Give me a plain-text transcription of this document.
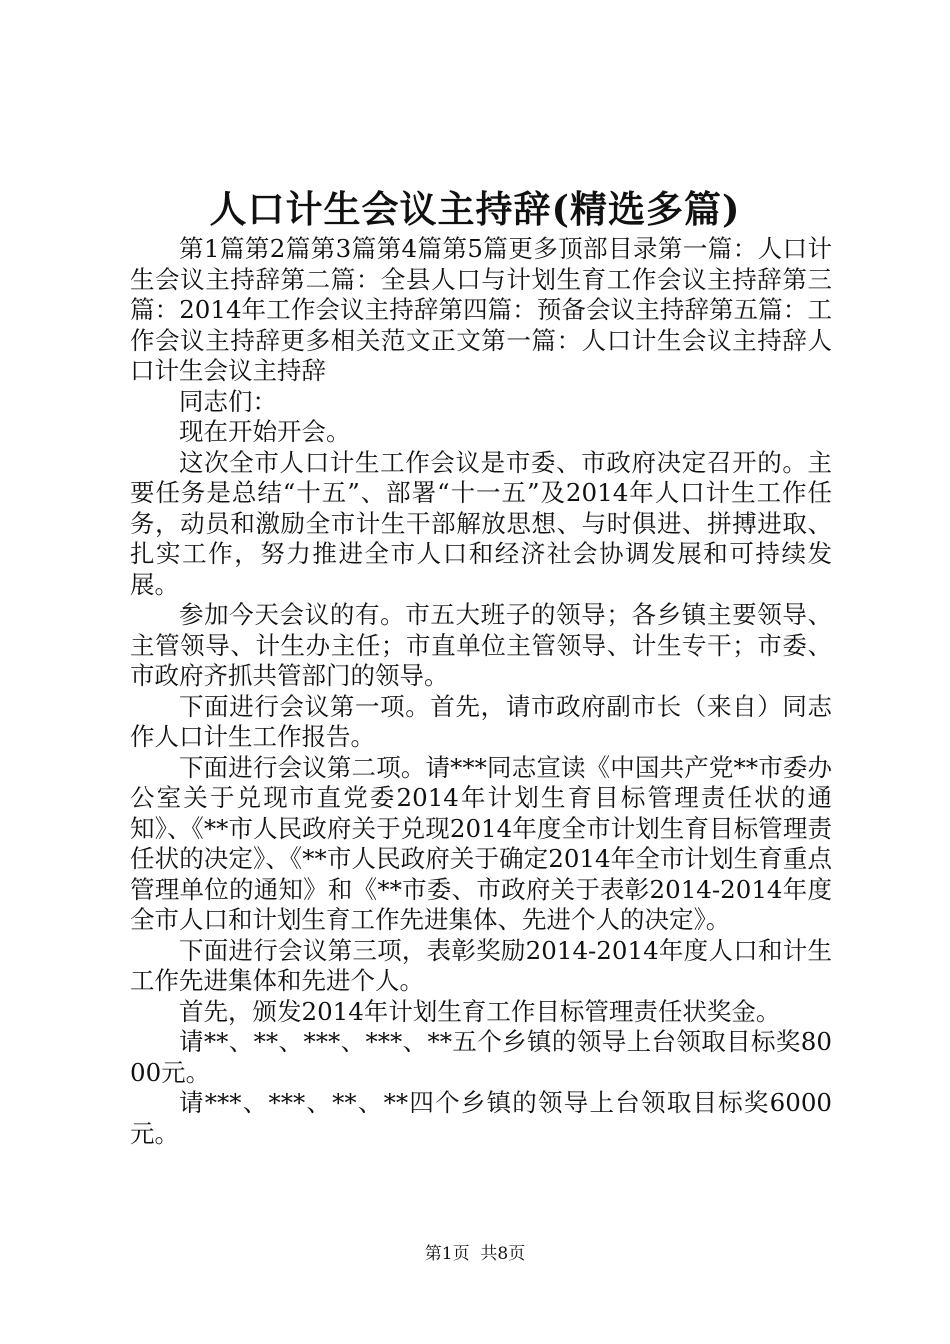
人口计生会议主持辞(精选多篇)

第1篇第2篇第3篇第4篇第5篇更多顶部目录第一篇：人口计生会议主持辞第二篇：全县人口与计划生育工作会议主持辞第三篇：2014年工作会议主持辞第四篇：预备会议主持辞第五篇：工作会议主持辞更多相关范文正文第一篇：人口计生会议主持辞人口计生会议主持辞

同志们：

现在开始开会。

这次全市人口计生工作会议是市委、市政府决定召开的。主要任务是总结“十五”、部署“十一五”及2014年人口计生工作任务，动员和激励全市计生干部解放思想、与时俱进、拼搏进取、扎实工作，努力推进全市人口和经济社会协调发展和可持续发展。

参加今天会议的有。市五大班子的领导；各乡镇主要领导、主管领导、计生办主任；市直单位主管领导、计生专干；市委、市政府齐抓共管部门的领导。

下面进行会议第一项。首先，请市政府副市长（来自）同志作人口计生工作报告。

下面进行会议第二项。请***同志宣读《中国共产党**市委办公室关于兑现市直党委2014年计划生育目标管理责任状的通知》、《**市人民政府关于兑现2014年度全市计划生育目标管理责任状的决定》、《**市人民政府关于确定2014年全市计划生育重点管理单位的通知》和《**市委、市政府关于表彰2014-2014年度全市人口和计划生育工作先进集体、先进个人的决定》。

下面进行会议第三项，表彰奖励2014-2014年度人口和计生工作先进集体和先进个人。

首先，颁发2014年计划生育工作目标管理责任状奖金。

请**、**、***、***、**五个乡镇的领导上台领取目标奖8000元。

请***、***、**、**四个乡镇的领导上台领取目标奖6000元。

第1页 共8页
